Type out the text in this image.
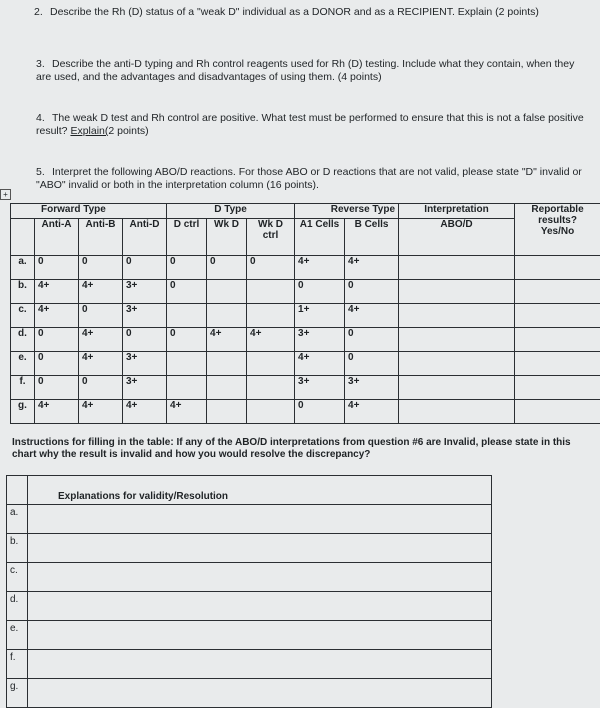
2. Describe the Rh (D) status of a "weak D" individual as a DONOR and as a RECIPIENT. Explain (2 points)
3. Describe the anti-D typing and Rh control reagents used for Rh (D) testing. Include what they contain, when they are used, and the advantages and disadvantages of using them. (4 points)
4. The weak D test and Rh control are positive. What test must be performed to ensure that this is not a false positive result? Explain(2 points)
5. Interpret the following ABO/D reactions. For those ABO or D reactions that are not valid, please state "D" invalid or "ABO" invalid or both in the interpretation column (16 points).
+
Forward Type				D Type			Reverse Type		Interpretation	Reportable results?
Yes/No
	Anti-A	Anti-B	Anti-D	D ctrl	Wk D	Wk D ctrl	A1 Cells	B Cells	ABO/D	
a.	0	0	0	0	0	0	4+	4+		
b.	4+	4+	3+	0			0	0		
c.	4+	0	3+				1+	4+		
d.	0	4+	0	0	4+	4+	3+	0		
e.	0	4+	3+				4+	0		
f.	0	0	3+				3+	3+		
g.	4+	4+	4+	4+			0	4+		
Instructions for filling in the table: If any of the ABO/D interpretations from question #6 are Invalid, please state in this chart why the result is invalid and how you would resolve the discrepancy?
	Explanations for validity/Resolution
a.	
b.	
c.	
d.	
e.	
f.	
g.	
